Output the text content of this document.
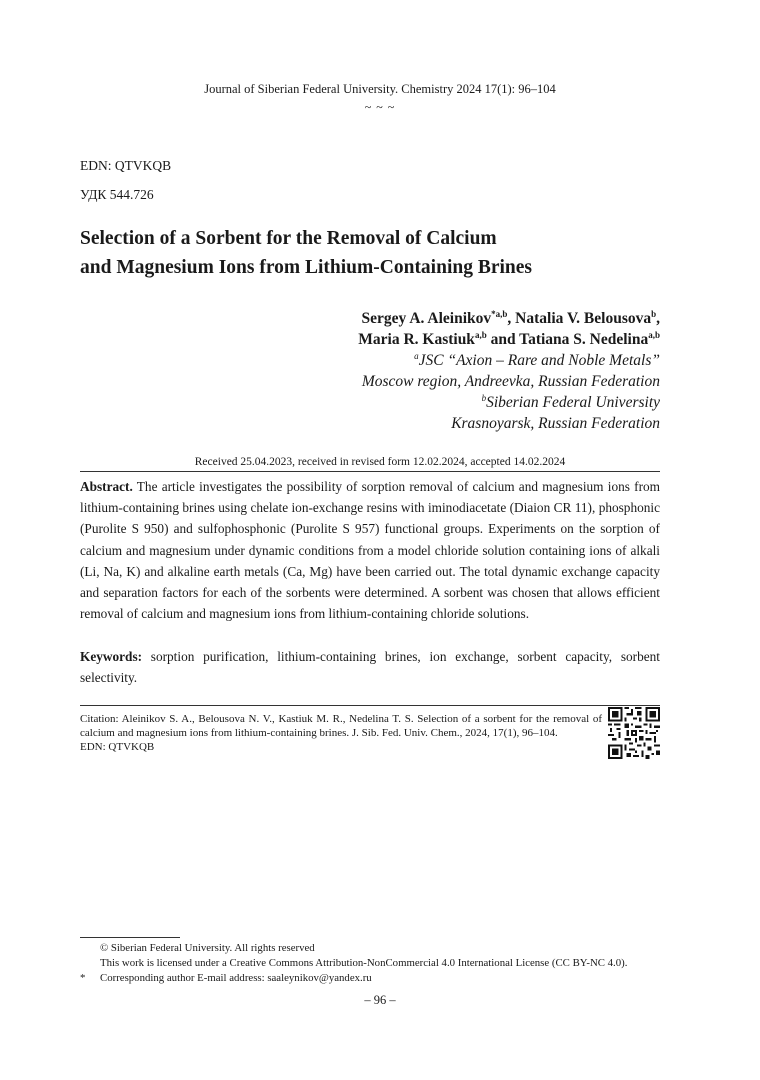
Journal of Siberian Federal University. Chemistry 2024 17(1): 96–104
~ ~ ~
EDN: QTVKQB
УДК 544.726
Selection of a Sorbent for the Removal of Calcium
and Magnesium Ions from Lithium-Containing Brines
Sergey A. Aleinikov$^{*a,b}$, Natalia V. Belousova$^b$,
Maria R. Kastiuk$^{a,b}$ and Tatiana S. Nedelina$^{a,b}$
$^a$JSC “Axion – Rare and Noble Metals”
Moscow region, Andreevka, Russian Federation
$^b$Siberian Federal University
Krasnoyarsk, Russian Federation
Received 25.04.2023, received in revised form 12.02.2024, accepted 14.02.2024
Abstract. The article investigates the possibility of sorption removal of calcium and magnesium ions from lithium-containing brines using chelate ion-exchange resins with iminodiacetate (Diaion CR 11), phosphonic (Purolite S 950) and sulfophosphonic (Purolite S 957) functional groups. Experiments on the sorption of calcium and magnesium under dynamic conditions from a model chloride solution containing ions of alkali (Li, Na, K) and alkaline earth metals (Ca, Mg) have been carried out. The total dynamic exchange capacity and separation factors for each of the sorbents were determined. A sorbent was chosen that allows efficient removal of calcium and magnesium ions from lithium-containing chloride solutions.
Keywords: sorption purification, lithium-containing brines, ion exchange, sorbent capacity, sorbent selectivity.
Citation: Aleinikov S. A., Belousova N. V., Kastiuk M. R., Nedelina T. S. Selection of a sorbent for the removal of calcium and magnesium ions from lithium-containing brines. J. Sib. Fed. Univ. Chem., 2024, 17(1), 96–104.
EDN: QTVKQB
© Siberian Federal University. All rights reserved
This work is licensed under a Creative Commons Attribution-NonCommercial 4.0 International License (CC BY-NC 4.0).
* Corresponding author E-mail address: saaleynikov@yandex.ru
– 96 –
